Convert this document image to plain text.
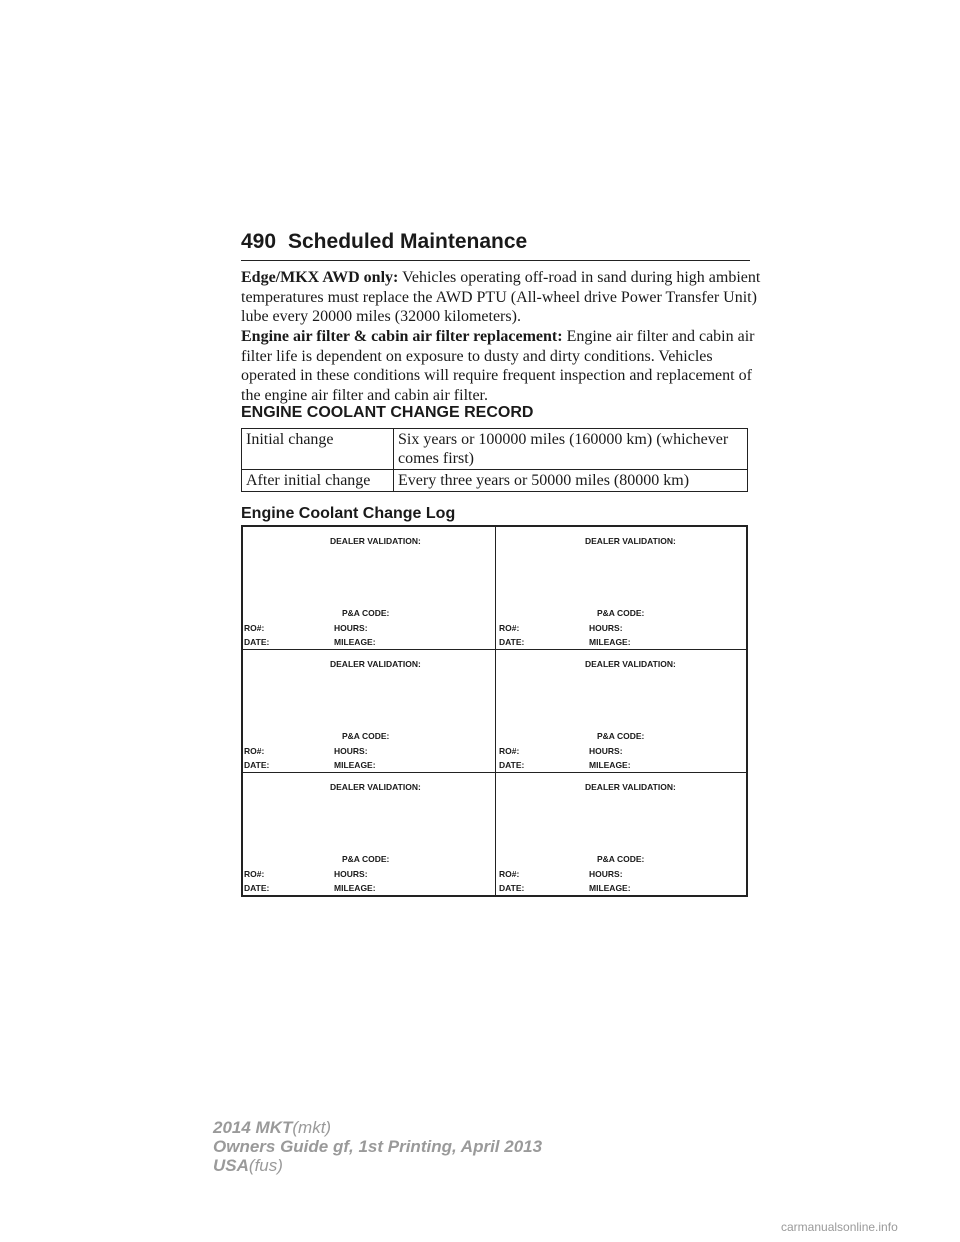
490 Scheduled Maintenance
Edge/MKX AWD only: Vehicles operating off-road in sand during high ambient temperatures must replace the AWD PTU (All-wheel drive Power Transfer Unit) lube every 20000 miles (32000 kilometers).
Engine air filter & cabin air filter replacement: Engine air filter and cabin air filter life is dependent on exposure to dusty and dirty conditions. Vehicles operated in these conditions will require frequent inspection and replacement of the engine air filter and cabin air filter.
ENGINE COOLANT CHANGE RECORD
Initial change	Six years or 100000 miles (160000 km) (whichever comes first)
After initial change	Every three years or 50000 miles (80000 km)
Engine Coolant Change Log
DEALER VALIDATION:
P&A CODE:
RO#:	HOURS:
DATE:	MILEAGE:
DEALER VALIDATION:
P&A CODE:
RO#:	HOURS:
DATE:	MILEAGE:
DEALER VALIDATION:
P&A CODE:
RO#:	HOURS:
DATE:	MILEAGE:
DEALER VALIDATION:
P&A CODE:
RO#:	HOURS:
DATE:	MILEAGE:
DEALER VALIDATION:
P&A CODE:
RO#:	HOURS:
DATE:	MILEAGE:
DEALER VALIDATION:
P&A CODE:
RO#:	HOURS:
DATE:	MILEAGE:
2014 MKT(mkt)
Owners Guide gf, 1st Printing, April 2013
USA(fus)
carmanualsonline.info
